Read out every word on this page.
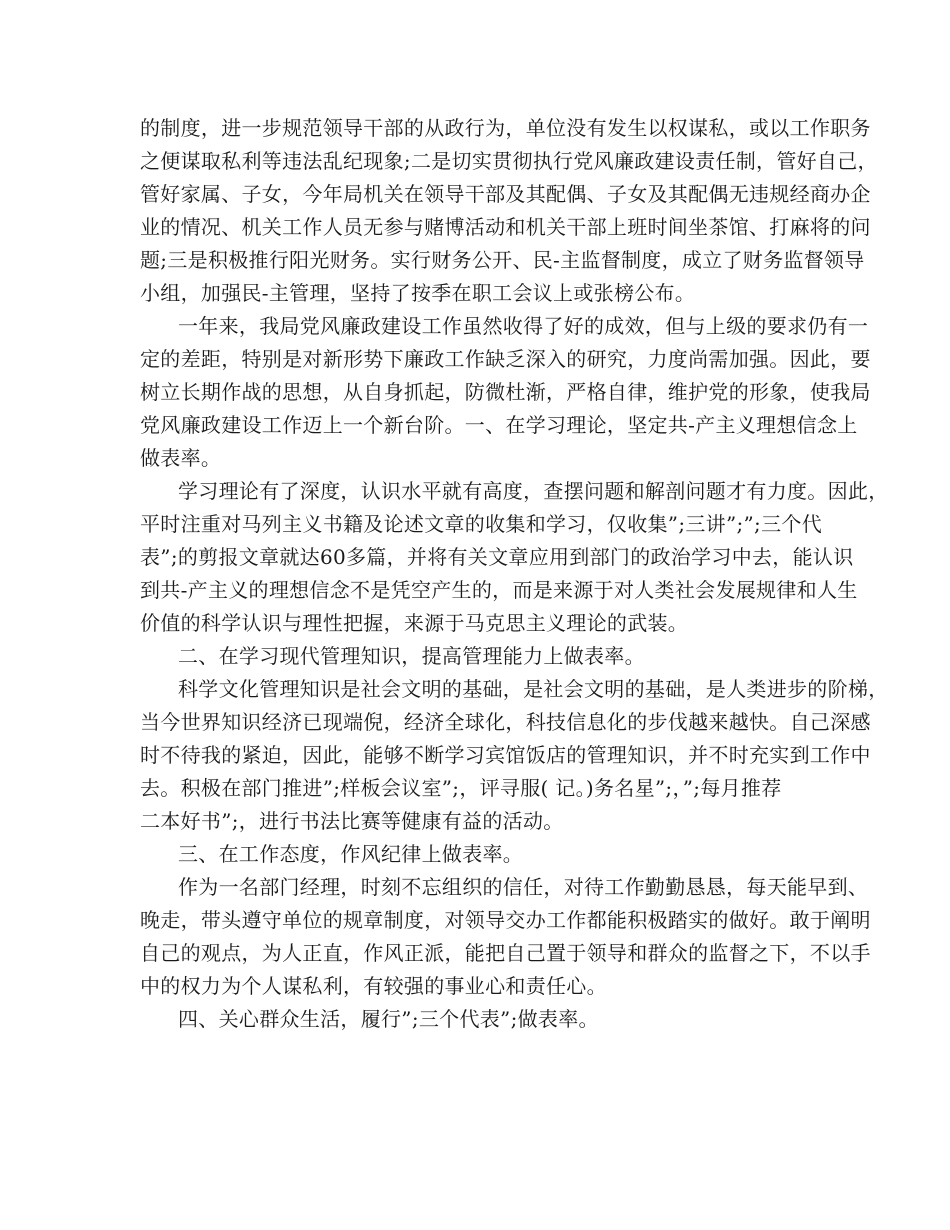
的制度，进一步规范领导干部的从政行为，单位没有发生以权谋私，或以工作职务
之便谋取私利等违法乱纪现象;二是切实贯彻执行党风廉政建设责任制，管好自己，
管好家属、子女，今年局机关在领导干部及其配偶、子女及其配偶无违规经商办企
业的情况、机关工作人员无参与赌博活动和机关干部上班时间坐茶馆、打麻将的问
题;三是积极推行阳光财务。实行财务公开、民-主监督制度，成立了财务监督领导
小组，加强民-主管理，坚持了按季在职工会议上或张榜公布。
一年来，我局党风廉政建设工作虽然收得了好的成效，但与上级的要求仍有一
定的差距，特别是对新形势下廉政工作缺乏深入的研究，力度尚需加强。因此，要
树立长期作战的思想，从自身抓起，防微杜渐，严格自律，维护党的形象，使我局
党风廉政建设工作迈上一个新台阶。一、在学习理论，坚定共-产主义理想信念上
做表率。
学习理论有了深度，认识水平就有高度，查摆问题和解剖问题才有力度。因此，
平时注重对马列主义书籍及论述文章的收集和学习，仅收集”;三讲”;”;三个代
表”;的剪报文章就达60多篇，并将有关文章应用到部门的政治学习中去，能认识
到共-产主义的理想信念不是凭空产生的，而是来源于对人类社会发展规律和人生
价值的科学认识与理性把握，来源于马克思主义理论的武装。
二、在学习现代管理知识，提高管理能力上做表率。
科学文化管理知识是社会文明的基础，是社会文明的基础，是人类进步的阶梯，
当今世界知识经济已现端倪，经济全球化，科技信息化的步伐越来越快。自己深感
时不待我的紧迫，因此，能够不断学习宾馆饭店的管理知识，并不时充实到工作中
去。积极在部门推进”;样板会议室”;，评寻服( 记。)务名星”;，”;每月推荐
二本好书”;，进行书法比赛等健康有益的活动。
三、在工作态度，作风纪律上做表率。
作为一名部门经理，时刻不忘组织的信任，对待工作勤勤恳恳，每天能早到、
晚走，带头遵守单位的规章制度，对领导交办工作都能积极踏实的做好。敢于阐明
自己的观点，为人正直，作风正派，能把自己置于领导和群众的监督之下，不以手
中的权力为个人谋私利，有较强的事业心和责任心。
四、关心群众生活，履行”;三个代表”;做表率。
